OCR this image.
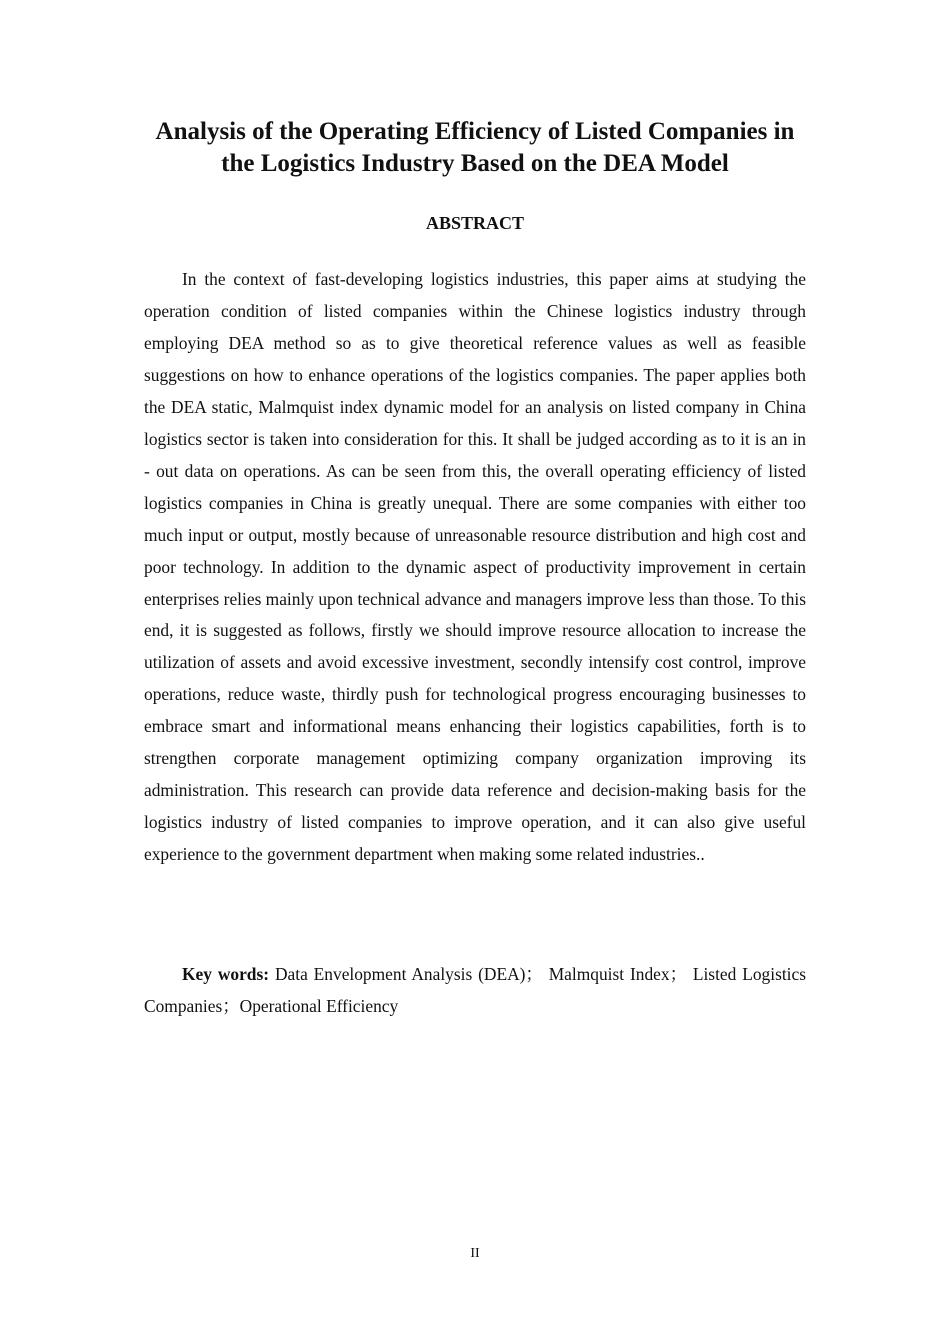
Analysis of the Operating Efficiency of Listed Companies in
the Logistics Industry Based on the DEA Model
ABSTRACT

In the context of fast-developing logistics industries, this paper aims at studying the operation condition of listed companies within the Chinese logistics industry through employing DEA method so as to give theoretical reference values as well as feasible suggestions on how to enhance operations of the logistics companies. The paper applies both the DEA static, Malmquist index dynamic model for an analysis on listed company in China logistics sector is taken into consideration for this. It shall be judged according as to it is an in - out data on operations. As can be seen from this, the overall operating efficiency of listed logistics companies in China is greatly unequal. There are some companies with either too much input or output, mostly because of unreasonable resource distribution and high cost and poor technology. In addition to the dynamic aspect of productivity improvement in certain enterprises relies mainly upon technical advance and managers improve less than those. To this end, it is suggested as follows, firstly we should improve resource allocation to increase the utilization of assets and avoid excessive investment, secondly intensify cost control, improve operations, reduce waste, thirdly push for technological progress encouraging businesses to embrace smart and informational means enhancing their logistics capabilities, forth is to strengthen corporate management optimizing company organization improving its administration. This research can provide data reference and decision-making basis for the logistics industry of listed companies to improve operation, and it can also give useful experience to the government department when making some related industries..

Key words: Data Envelopment Analysis (DEA)； Malmquist Index； Listed Logistics Companies；Operational Efficiency

II
